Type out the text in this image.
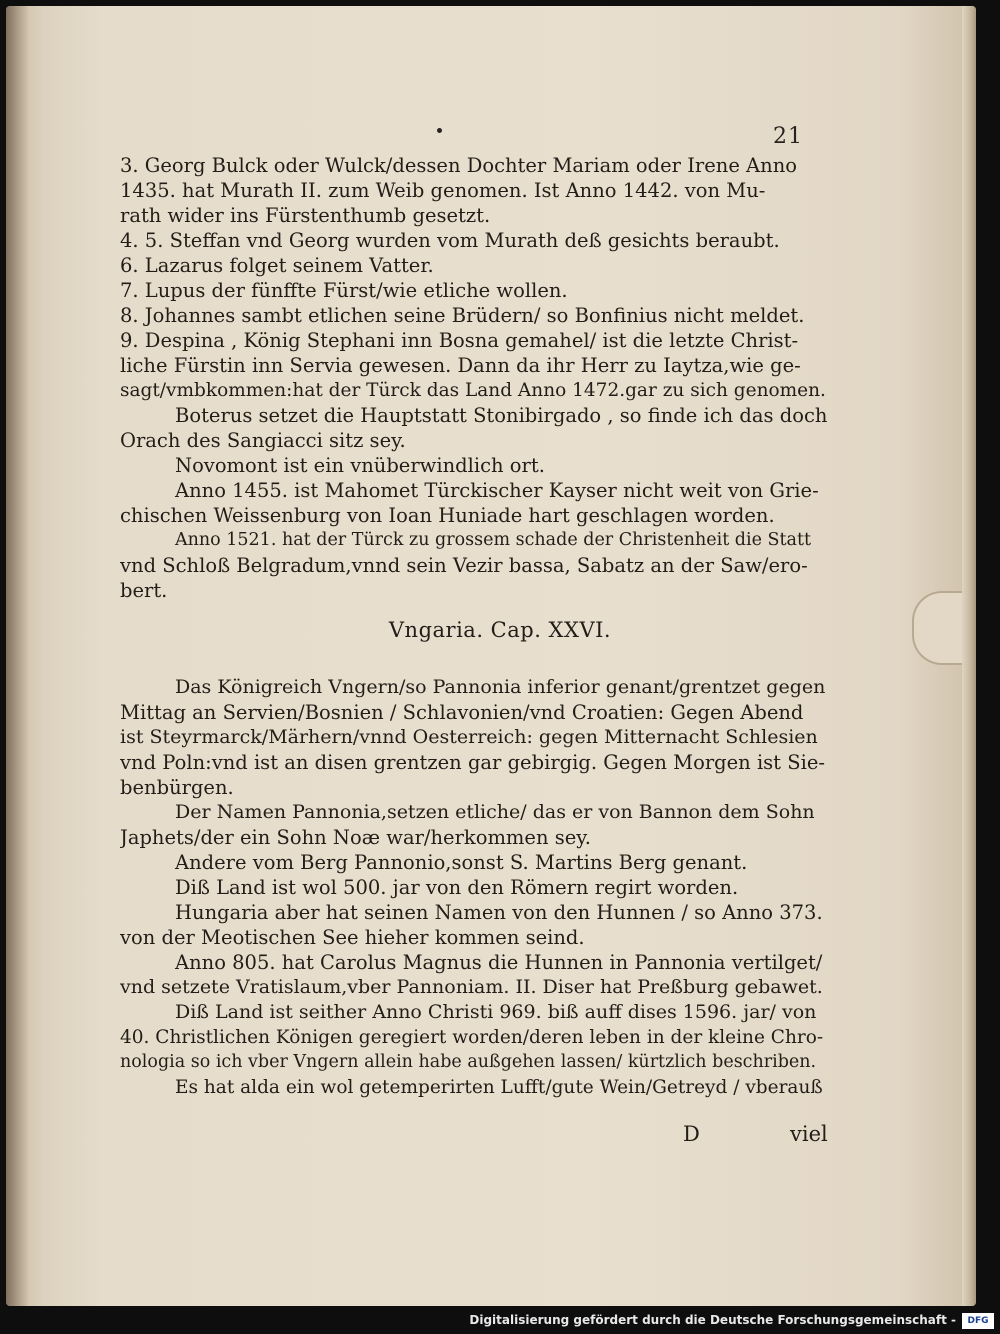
21
3. Georg Bulck oder Wulck/dessen Dochter Mariam oder Irene Anno
1435. hat Murath II. zum Weib genomen. Ist Anno 1442. von Mu-
rath wider ins Fürstenthumb gesetzt.
4. 5. Steffan vnd Georg wurden vom Murath deß gesichts beraubt.
6. Lazarus folget seinem Vatter.
7. Lupus der fünffte Fürst/wie etliche wollen.
8. Johannes sambt etlichen seine Brüdern/ so Bonfinius nicht meldet.
9. Despina , König Stephani inn Bosna gemahel/ ist die letzte Christ-
liche Fürstin inn Servia gewesen. Dann da ihr Herr zu Iaytza,wie ge-
sagt/vmbkommen:hat der Türck das Land Anno 1472.gar zu sich genomen.
Boterus setzet die Hauptstatt Stonibirgado , so finde ich das doch
Orach des Sangiacci sitz sey.
Novomont ist ein vnüberwindlich ort.
Anno 1455. ist Mahomet Türckischer Kayser nicht weit von Grie-
chischen Weissenburg von Ioan Huniade hart geschlagen worden.
Anno 1521. hat der Türck zu grossem schade der Christenheit die Statt
vnd Schloß Belgradum,vnnd sein Vezir bassa, Sabatz an der Saw/ero-
bert.
Vngaria. Cap. XXVI.
Das Königreich Vngern/so Pannonia inferior genant/grentzet gegen
Mittag an Servien/Bosnien / Schlavonien/vnd Croatien: Gegen Abend
ist Steyrmarck/Märhern/vnnd Oesterreich: gegen Mitternacht Schlesien
vnd Poln:vnd ist an disen grentzen gar gebirgig. Gegen Morgen ist Sie-
benbürgen.
Der Namen Pannonia,setzen etliche/ das er von Bannon dem Sohn
Japhets/der ein Sohn Noæ war/herkommen sey.
Andere vom Berg Pannonio,sonst S. Martins Berg genant.
Diß Land ist wol 500. jar von den Römern regirt worden.
Hungaria aber hat seinen Namen von den Hunnen / so Anno 373.
von der Meotischen See hieher kommen seind.
Anno 805. hat Carolus Magnus die Hunnen in Pannonia vertilget/
vnd setzete Vratislaum,vber Pannoniam. II. Diser hat Preßburg gebawet.
Diß Land ist seither Anno Christi 969. biß auff dises 1596. jar/ von
40. Christlichen Königen geregiert worden/deren leben in der kleine Chro-
nologia so ich vber Vngern allein habe außgehen lassen/ kürtzlich beschriben.
Es hat alda ein wol getemperirten Lufft/gute Wein/Getreyd / vberauß
D	viel
Digitalisierung gefördert durch die Deutsche Forschungsgemeinschaft -	DFG
